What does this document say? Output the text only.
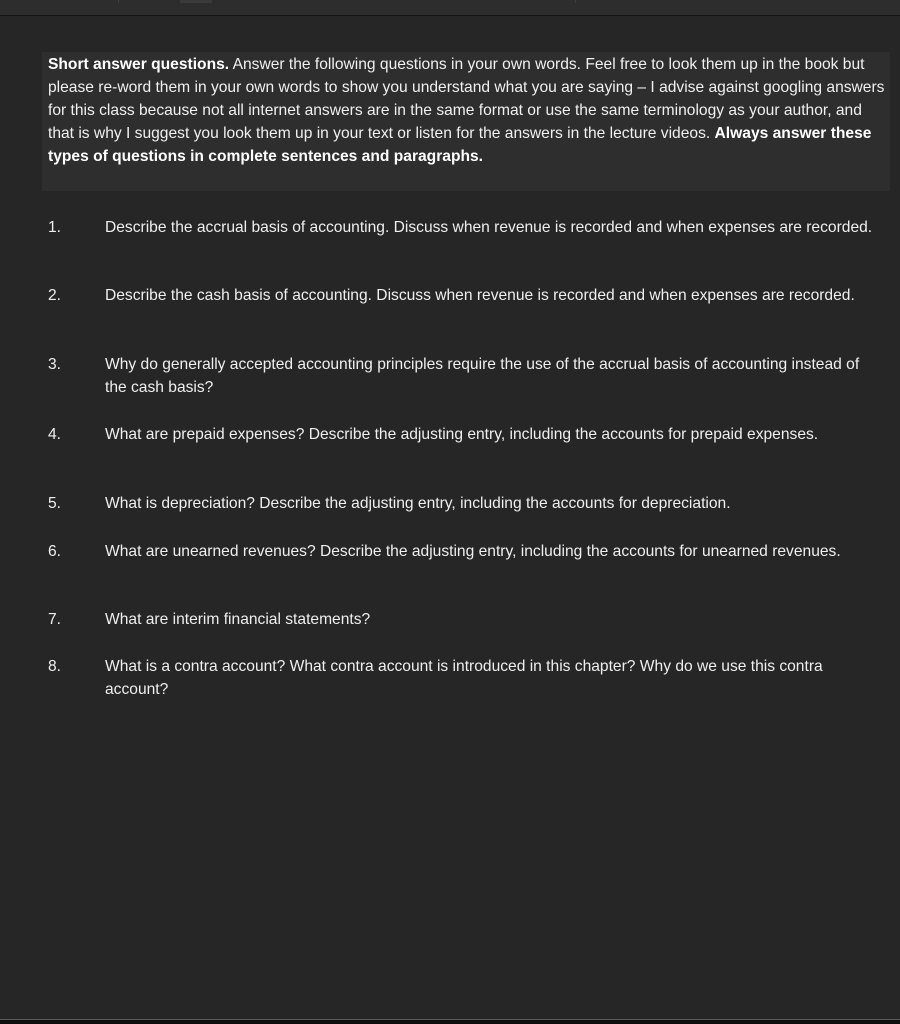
Short answer questions. Answer the following questions in your own words. Feel free to look them up in the book but please re-word them in your own words to show you understand what you are saying – I advise against googling answers for this class because not all internet answers are in the same format or use the same terminology as your author, and that is why I suggest you look them up in your text or listen for the answers in the lecture videos. Always answer these types of questions in complete sentences and paragraphs.
1.	Describe the accrual basis of accounting. Discuss when revenue is recorded and when expenses are recorded.
2.	Describe the cash basis of accounting. Discuss when revenue is recorded and when expenses are recorded.
3.	Why do generally accepted accounting principles require the use of the accrual basis of accounting instead of the cash basis?
4.	What are prepaid expenses? Describe the adjusting entry, including the accounts for prepaid expenses.
5.	What is depreciation? Describe the adjusting entry, including the accounts for depreciation.
6.	What are unearned revenues? Describe the adjusting entry, including the accounts for unearned revenues.
7.	What are interim financial statements?
8.	What is a contra account? What contra account is introduced in this chapter? Why do we use this contra account?
